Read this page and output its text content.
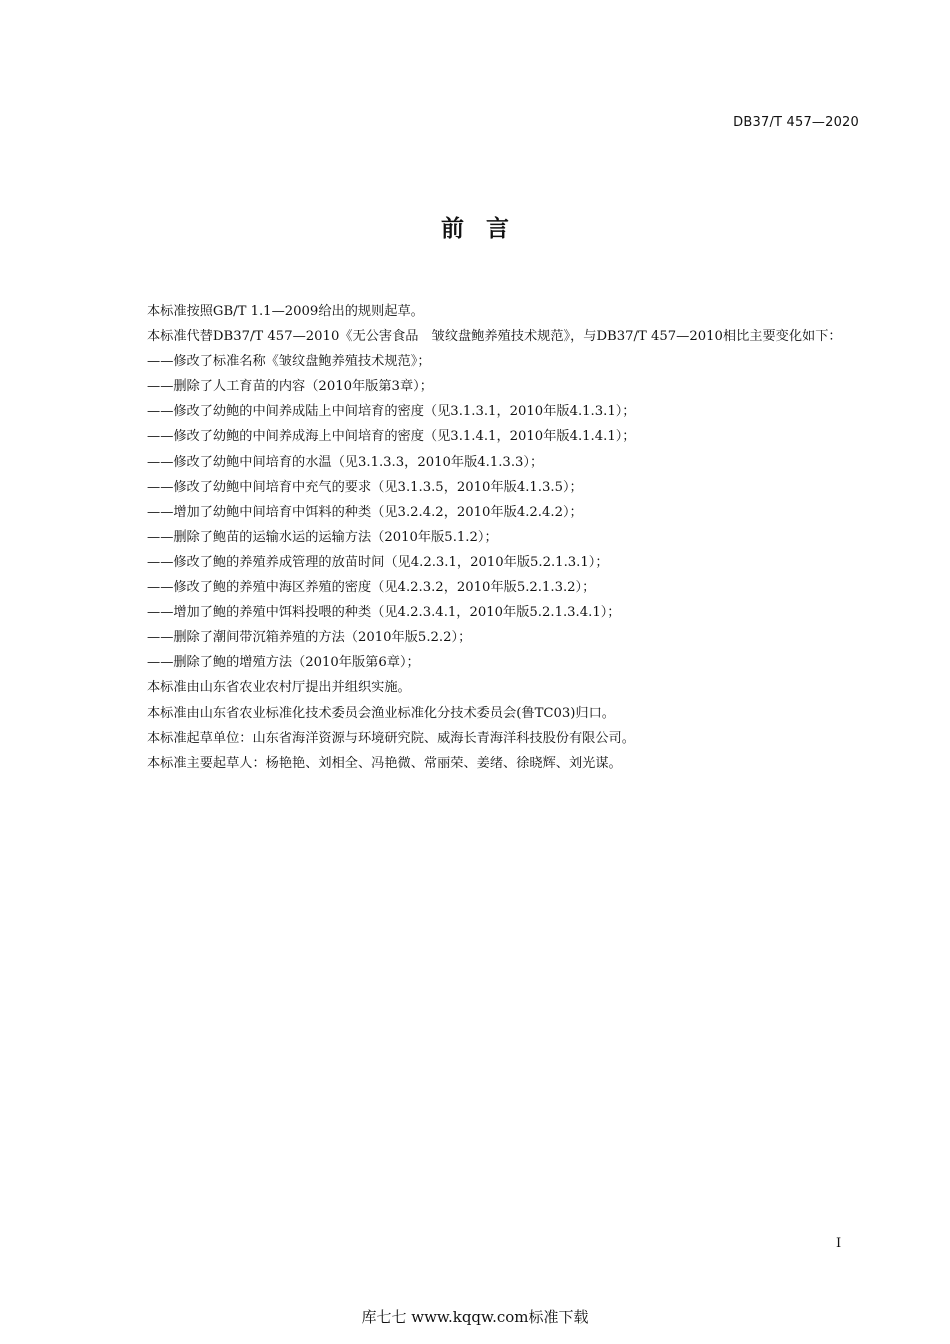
DB37/T 457—2020
前言

本标准按照GB/T 1.1—2009给出的规则起草。

本标准代替DB37/T 457—2010《无公害食品　皱纹盘鲍养殖技术规范》，与DB37/T 457—2010相比主要变化如下：

——修改了标准名称《皱纹盘鲍养殖技术规范》；

——删除了人工育苗的内容（2010年版第3章）；

——修改了幼鲍的中间养成陆上中间培育的密度（见3.1.3.1，2010年版4.1.3.1）；

——修改了幼鲍的中间养成海上中间培育的密度（见3.1.4.1，2010年版4.1.4.1）；

——修改了幼鲍中间培育的水温（见3.1.3.3，2010年版4.1.3.3）；

——修改了幼鲍中间培育中充气的要求（见3.1.3.5，2010年版4.1.3.5）；

——增加了幼鲍中间培育中饵料的种类（见3.2.4.2，2010年版4.2.4.2）；

——删除了鲍苗的运输水运的运输方法（2010年版5.1.2）；

——修改了鲍的养殖养成管理的放苗时间（见4.2.3.1，2010年版5.2.1.3.1）；

——修改了鲍的养殖中海区养殖的密度（见4.2.3.2，2010年版5.2.1.3.2）；

——增加了鲍的养殖中饵料投喂的种类（见4.2.3.4.1，2010年版5.2.1.3.4.1）；

——删除了潮间带沉箱养殖的方法（2010年版5.2.2）；

——删除了鲍的增殖方法（2010年版第6章）；

本标准由山东省农业农村厅提出并组织实施。

本标准由山东省农业标准化技术委员会渔业标准化分技术委员会(鲁TC03)归口。

本标准起草单位：山东省海洋资源与环境研究院、威海长青海洋科技股份有限公司。

本标准主要起草人：杨艳艳、刘相全、冯艳微、常丽荣、姜绪、徐晓辉、刘光谋。

I
库七七 www.kqqw.com标准下载
